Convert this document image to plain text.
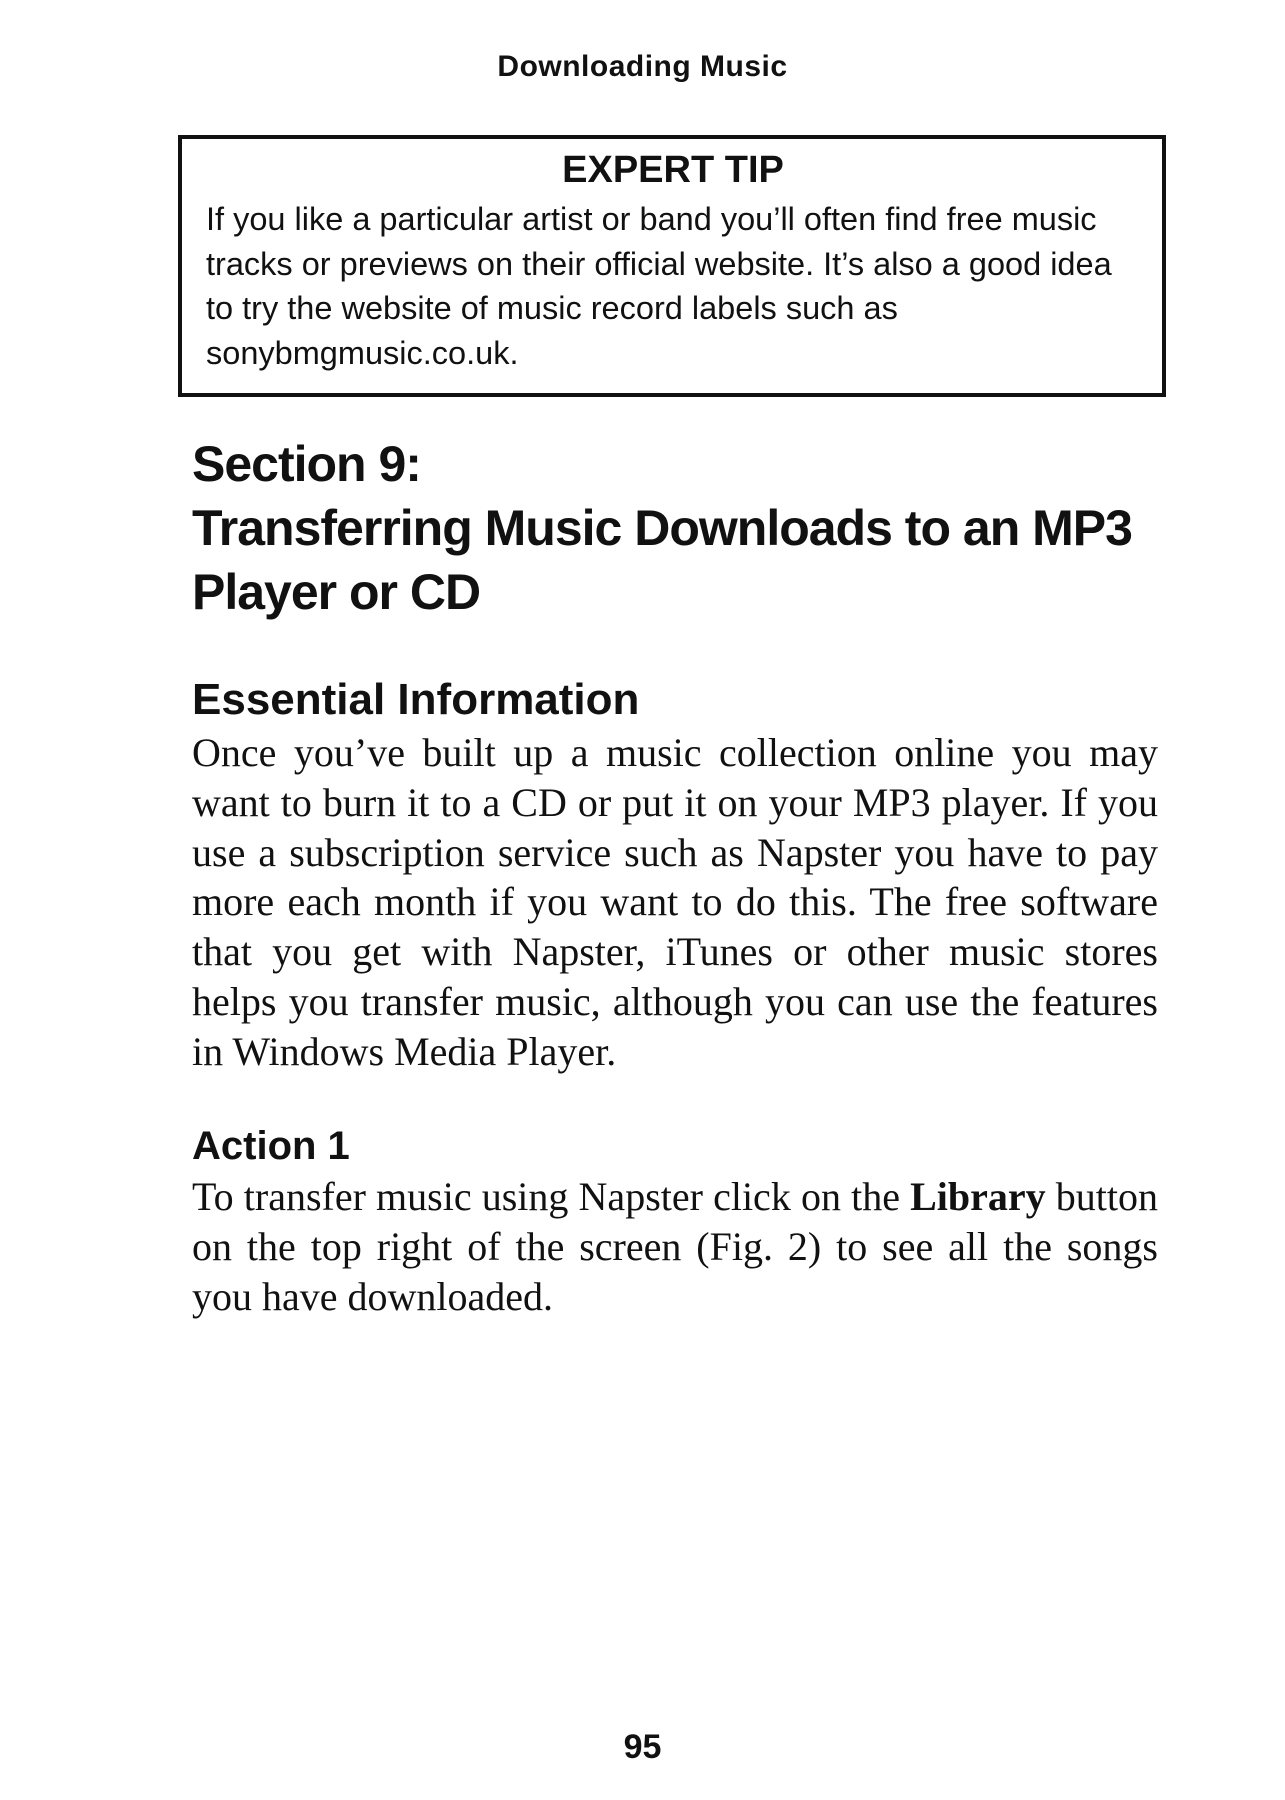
Downloading Music
EXPERT TIP
If you like a particular artist or band you’ll often find free music tracks or previews on their official website. It’s also a good idea to try the website of music record labels such as sonybmgmusic.co.uk.
Section 9:
Transferring Music Downloads to an MP3 Player or CD
Essential Information

Once you’ve built up a music collection online you may want to burn it to a CD or put it on your MP3 player. If you use a subscription service such as Napster you have to pay more each month if you want to do this. The free software that you get with Napster, iTunes or other music stores helps you transfer music, although you can use the features in Windows Media Player.

Action 1

To transfer music using Napster click on the Library button on the top right of the screen (Fig. 2) to see all the songs you have downloaded.

95
